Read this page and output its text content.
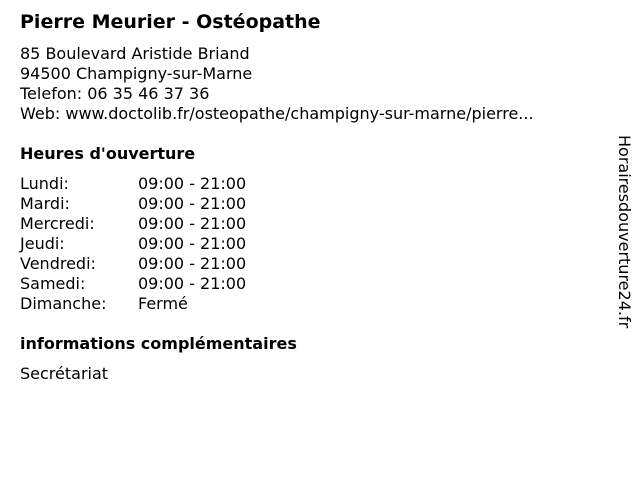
Pierre Meurier - Ostéopathe
85 Boulevard Aristide Briand
94500 Champigny-sur-Marne
Telefon: 06 35 46 37 36
Web: www.doctolib.fr/osteopathe/champigny-sur-marne/pierre...
Heures d'ouverture
Lundi:	09:00 - 21:00
Mardi:	09:00 - 21:00
Mercredi:	09:00 - 21:00
Jeudi:	09:00 - 21:00
Vendredi:	09:00 - 21:00
Samedi:	09:00 - 21:00
Dimanche:	Fermé
informations complémentaires
Secrétariat
Horairesdouverture24.fr
